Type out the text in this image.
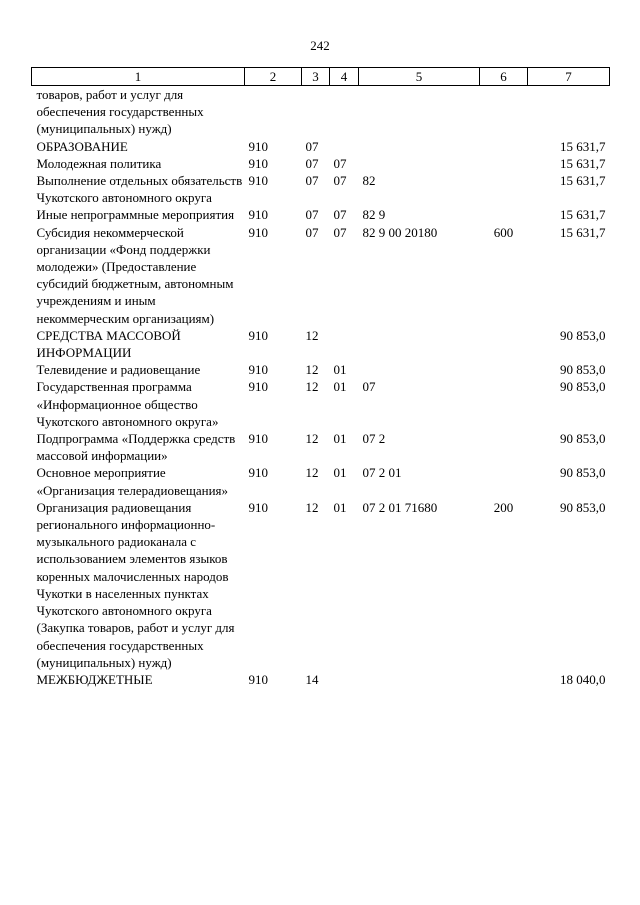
242
1	2	3	4	5	6	7
товаров, работ и услуг для обеспечения государственных (муниципальных) нужд)						
ОБРАЗОВАНИЕ	910	07				15 631,7
Молодежная политика	910	07	07			15 631,7
Выполнение отдельных обязательств Чукотского автономного округа	910	07	07	82		15 631,7
Иные непрограммные мероприятия	910	07	07	82 9		15 631,7
Субсидия некоммерческой организации «Фонд поддержки молодежи» (Предоставление субсидий бюджетным, автономным учреждениям и иным некоммерческим организациям)	910	07	07	82 9 00 20180	600	15 631,7
СРЕДСТВА МАССОВОЙ ИНФОРМАЦИИ	910	12				90 853,0
Телевидение и радиовещание	910	12	01			90 853,0
Государственная программа «Информационное общество Чукотского автономного округа»	910	12	01	07		90 853,0
Подпрограмма «Поддержка средств массовой информации»	910	12	01	07 2		90 853,0
Основное мероприятие «Организация телерадиовещания»	910	12	01	07 2 01		90 853,0
Организация радиовещания регионального информационно-музыкального радиоканала с использованием элементов языков коренных малочисленных народов Чукотки в населенных пунктах Чукотского автономного округа (Закупка товаров, работ и услуг для обеспечения государственных (муниципальных) нужд)	910	12	01	07 2 01 71680	200	90 853,0
МЕЖБЮДЖЕТНЫЕ	910	14				18 040,0
